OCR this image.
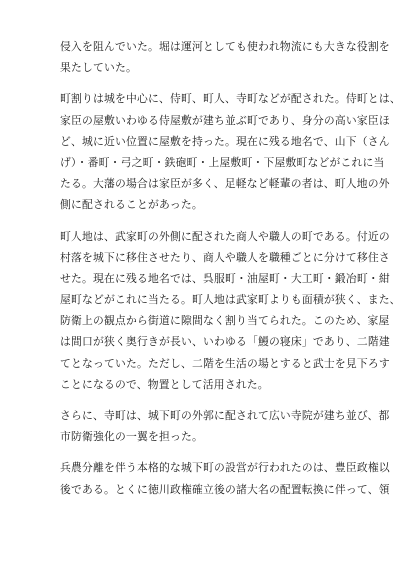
侵入を阻んでいた。堀は運河としても使われ物流にも大きな役割を
果たしていた。

町割りは城を中心に、侍町、町人、寺町などが配された。侍町とは、
家臣の屋敷いわゆる侍屋敷が建ち並ぶ町であり、身分の高い家臣ほ
ど、城に近い位置に屋敷を持った。現在に残る地名で、山下（さん
げ）・番町・弓之町・鉄砲町・上屋敷町・下屋敷町などがこれに当
たる。大藩の場合は家臣が多く、足軽など軽輩の者は、町人地の外
側に配されることがあった。

町人地は、武家町の外側に配された商人や職人の町である。付近の
村落を城下に移住させたり、商人や職人を職種ごとに分けて移住さ
せた。現在に残る地名では、呉服町・油屋町・大工町・鍛冶町・紺
屋町などがこれに当たる。町人地は武家町よりも面積が狭く、また、
防衛上の観点から街道に隙間なく割り当てられた。このため、家屋
は間口が狭く奥行きが長い、いわゆる「鰻の寝床」であり、二階建
てとなっていた。ただし、二階を生活の場とすると武士を見下ろす
ことになるので、物置として活用された。

さらに、寺町は、城下町の外郭に配されて広い寺院が建ち並び、都
市防衛強化の一翼を担った。

兵農分離を伴う本格的な城下町の設営が行われたのは、豊臣政権以
後である。とくに徳川政権確立後の諸大名の配置転換に伴って、領
